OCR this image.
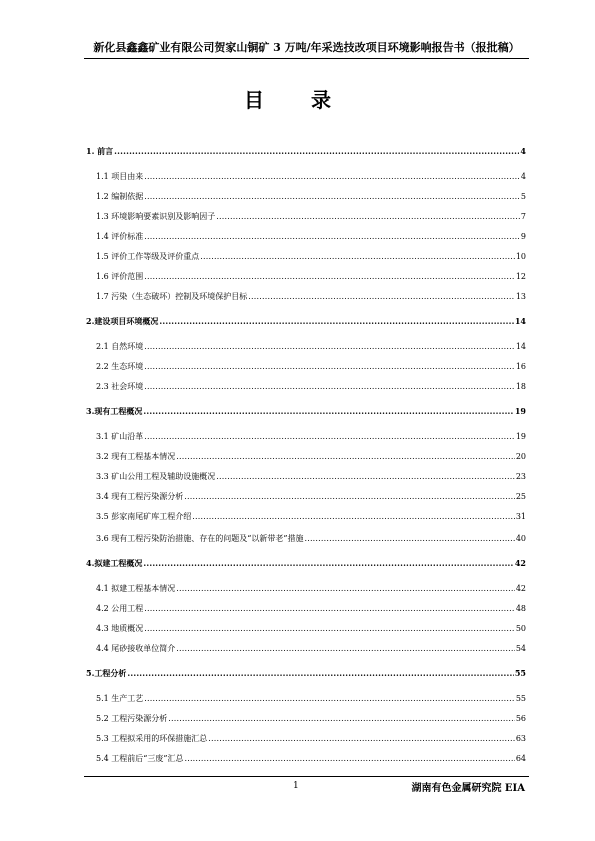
新化县鑫鑫矿业有限公司贺家山铜矿 3 万吨/年采选技改项目环境影响报告书（报批稿）
目 录
1. 前言 .....	4
1.1 项目由来 .....	4
1.2 编制依据 .....	5
1.3 环境影响要素识别及影响因子 .....	7
1.4 评价标准 .....	9
1.5 评价工作等级及评价重点 .....	10
1.6 评价范围 .....	12
1.7 污染（生态破坏）控制及环境保护目标 .....	13
2.建设项目环境概况 .....	14
2.1 自然环境 .....	14
2.2 生态环境 .....	16
2.3 社会环境 .....	18
3.现有工程概况 .....	19
3.1 矿山沿革 .....	19
3.2 现有工程基本情况 .....	20
3.3 矿山公用工程及辅助设施概况 .....	23
3.4 现有工程污染源分析 .....	25
3.5 彭家南尾矿库工程介绍 .....	31
3.6 现有工程污染防治措施、存在的问题及“以新带老”措施 .....	40
4.拟建工程概况 .....	42
4.1 拟建工程基本情况 .....	42
4.2 公用工程 .....	48
4.3 地质概况 .....	50
4.4 尾砂接收单位简介 .....	54
5.工程分析 .....	55
5.1 生产工艺 .....	55
5.2 工程污染源分析 .....	56
5.3 工程拟采用的环保措施汇总 .....	63
5.4 工程前后“三废”汇总 .....	64
1	湖南有色金属研究院 EIA
